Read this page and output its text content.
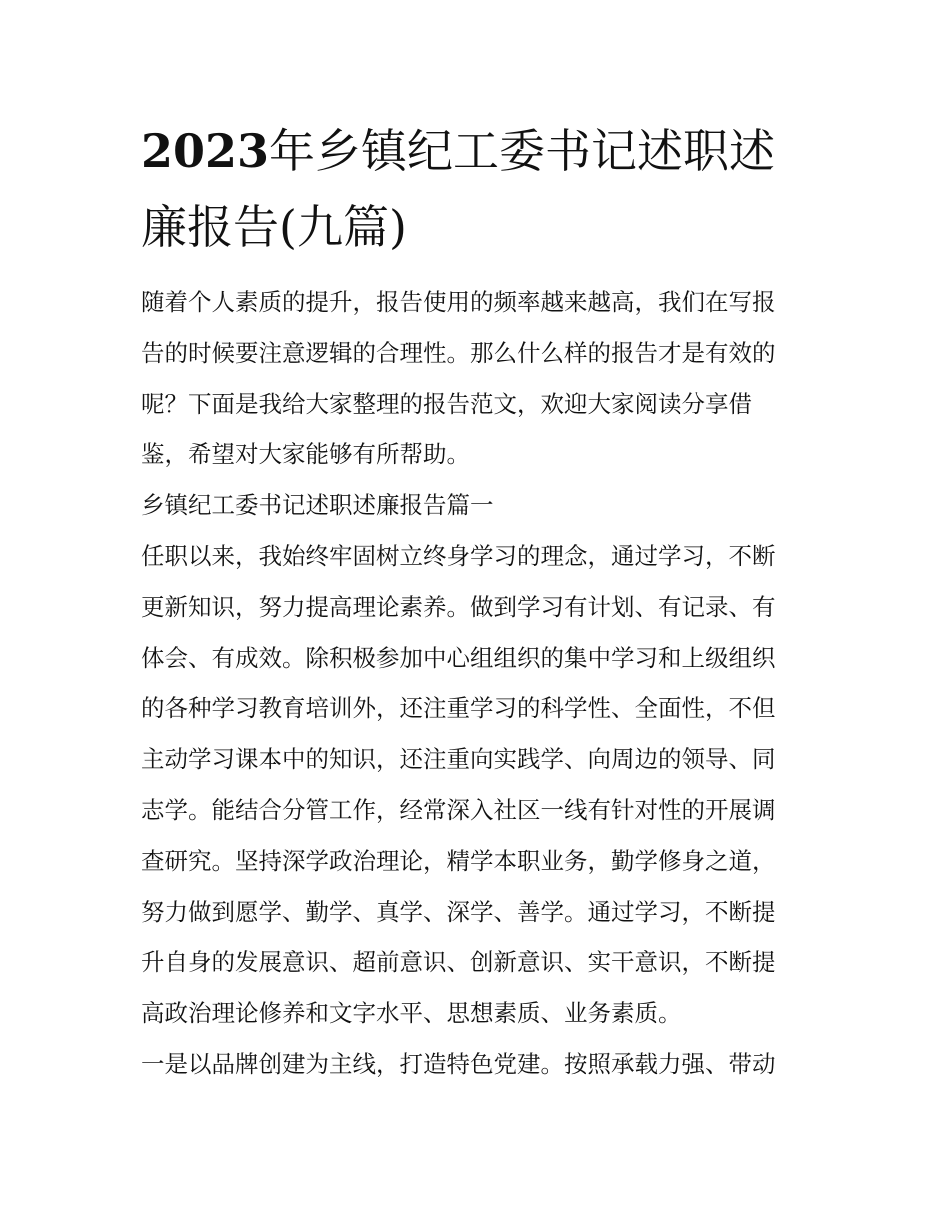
2023年乡镇纪工委书记述职述
廉报告(九篇)
随着个人素质的提升，报告使用的频率越来越高，我们在写报
告的时候要注意逻辑的合理性。那么什么样的报告才是有效的
呢？下面是我给大家整理的报告范文，欢迎大家阅读分享借
鉴，希望对大家能够有所帮助。
乡镇纪工委书记述职述廉报告篇一
任职以来，我始终牢固树立终身学习的理念，通过学习，不断
更新知识，努力提高理论素养。做到学习有计划、有记录、有
体会、有成效。除积极参加中心组组织的集中学习和上级组织
的各种学习教育培训外，还注重学习的科学性、全面性，不但
主动学习课本中的知识，还注重向实践学、向周边的领导、同
志学。能结合分管工作，经常深入社区一线有针对性的开展调
查研究。坚持深学政治理论，精学本职业务，勤学修身之道，
努力做到愿学、勤学、真学、深学、善学。通过学习，不断提
升自身的发展意识、超前意识、创新意识、实干意识，不断提
高政治理论修养和文字水平、思想素质、业务素质。
一是以品牌创建为主线，打造特色党建。按照承载力强、带动
